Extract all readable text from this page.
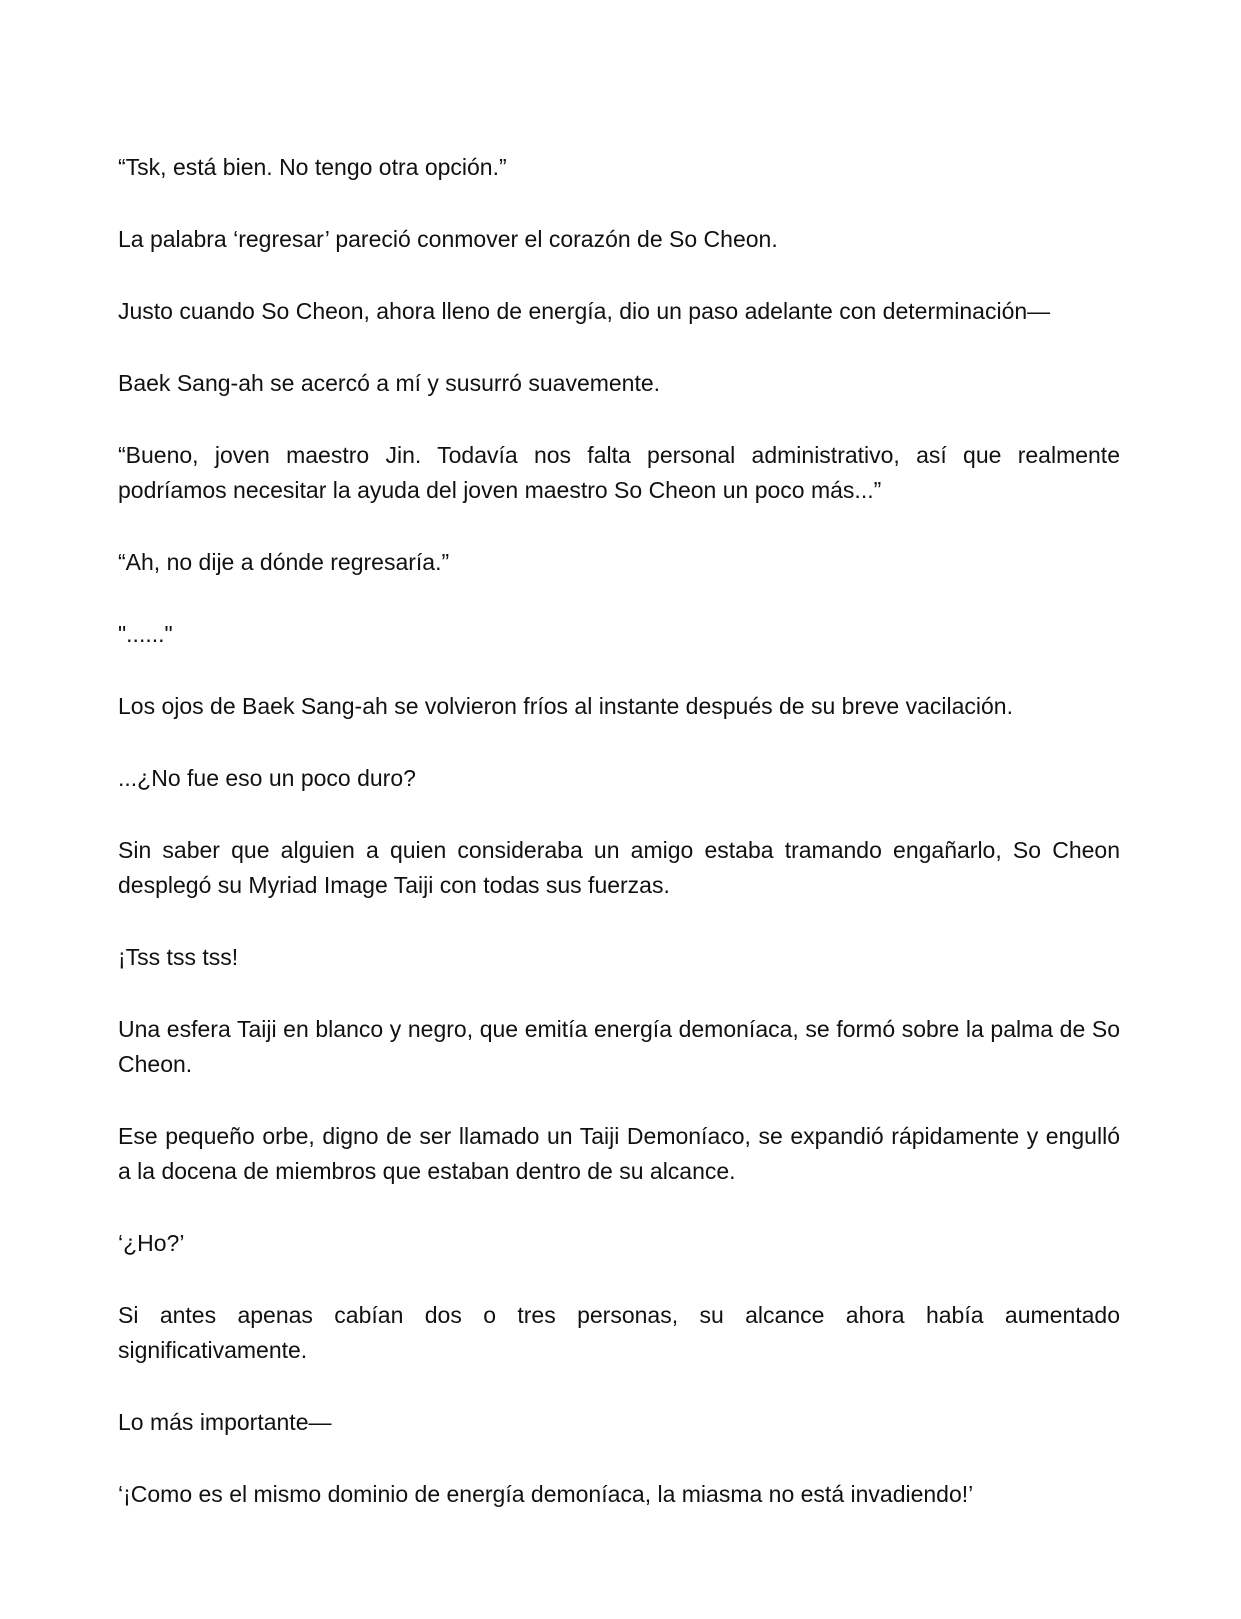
“Tsk, está bien. No tengo otra opción.”

La palabra ‘regresar’ pareció conmover el corazón de So Cheon.

Justo cuando So Cheon, ahora lleno de energía, dio un paso adelante con determinación—

Baek Sang-ah se acercó a mí y susurró suavemente.

“Bueno, joven maestro Jin. Todavía nos falta personal administrativo, así que realmente podríamos necesitar la ayuda del joven maestro So Cheon un poco más...”

“Ah, no dije a dónde regresaría.”

"......"

Los ojos de Baek Sang-ah se volvieron fríos al instante después de su breve vacilación.

...¿No fue eso un poco duro?

Sin saber que alguien a quien consideraba un amigo estaba tramando engañarlo, So Cheon desplegó su Myriad Image Taiji con todas sus fuerzas.

¡Tss tss tss!

Una esfera Taiji en blanco y negro, que emitía energía demoníaca, se formó sobre la palma de So Cheon.

Ese pequeño orbe, digno de ser llamado un Taiji Demoníaco, se expandió rápidamente y engulló a la docena de miembros que estaban dentro de su alcance.

‘¿Ho?’

Si antes apenas cabían dos o tres personas, su alcance ahora había aumentado significativamente.

Lo más importante—

‘¡Como es el mismo dominio de energía demoníaca, la miasma no está invadiendo!’
